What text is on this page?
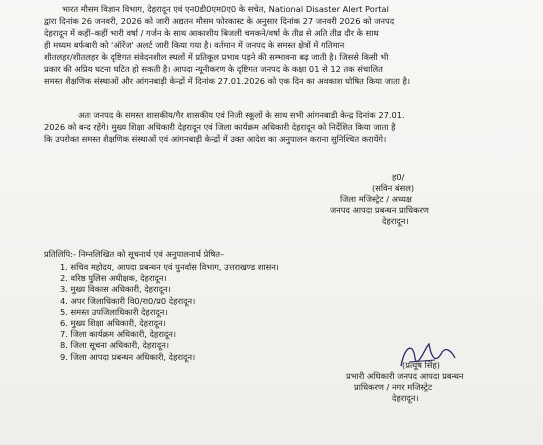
भारत मौसम विज्ञान विभाग, देहरादून एवं एन0डी0एम0ए0 के सचेत, National Disaster Alert Portal
द्वारा दिनांक 26 जनवरी, 2026 को जारी अद्यतन मौसम फोरकास्ट के अनुसार दिनांक 27 जनवरी 2026 को जनपद
देहरादून में कहीं–कहीं भारी वर्षा / गर्जन के साथ आकाशीय बिजली चमकने/वर्षा के तीव्र से अति तीव्र दौर के साथ
ही मध्यम बर्फबारी को 'ऑरेंज' अलर्ट जारी किया गया है। वर्तमान में जनपद के समस्त क्षेत्रों में गतिमान
शीतलहर/शीतलहर के दृष्टिगत संवेदनशील स्थलों में प्रतिकूल प्रभाव पड़ने की सम्भावना बढ़ जाती है। जिससे किसी भी
प्रकार की अप्रिय घटना घटित हो सकती है। आपदा न्यूनीकरण के दृष्टिगत जनपद के कक्षा 01 से 12 तक संचालित
समस्त शैक्षणिक संस्थाओं और आंगनबाड़ी केन्द्रों में दिनांक 27.01.2026 को एक दिन का अवकाश घोषित किया जाता है।
अतः जनपद के समस्त शासकीय/गैर शासकीय एवं निजी स्कूलों के साथ सभी आंगनबाडी केन्द्र दिनांक 27.01.
2026 को बन्द रहेंगे। मुख्य शिक्षा अधिकारी देहरादून एवं जिला कार्यक्रम अधिकारी देहरादून को निर्देशित किया जाता है
कि उपरोक्त समस्त शैक्षणिक संस्थाओं एवं आंगनबाड़ी केन्द्रों में उक्त आदेश का अनुपालन कराना सुनिश्चित करायेंगे।
ह0/
(सविन बंसल)
जिला मजिस्ट्रेट / अध्यक्ष
जनपद आपदा प्रबन्धन प्राधिकरण
देहरादून।
प्रतिलिपि:- निम्नलिखित को सूचनार्थ एवं अनुपालनार्थ प्रेषित–
1. सचिव महोदय, आपदा प्रबन्धन एवं पुनर्वास विभाग, उत्तराखण्ड शासन।
2. वरिष्ठ पुलिस अधीक्षक, देहरादून।
3. मुख्य विकास अधिकारी, देहरादून।
4. अपर जिलाधिकारी वि0/रा0/प्र0 देहरादून।
5. समस्त उपजिलाधिकारी देहरादून।
6. मुख्य शिक्षा अधिकारी, देहरादून।
7. जिला कार्यक्रम अधिकारी, देहरादून।
8. जिला सूचना अधिकारी, देहरादून।
9. जिला आपदा प्रबन्धन अधिकारी, देहरादून।
(प्रत्यूष सिंह)
प्रभारी अधिकारी जनपद आपदा प्रबन्धन
प्राधिकरण / नगर मजिस्ट्रेट
देहरादून।
